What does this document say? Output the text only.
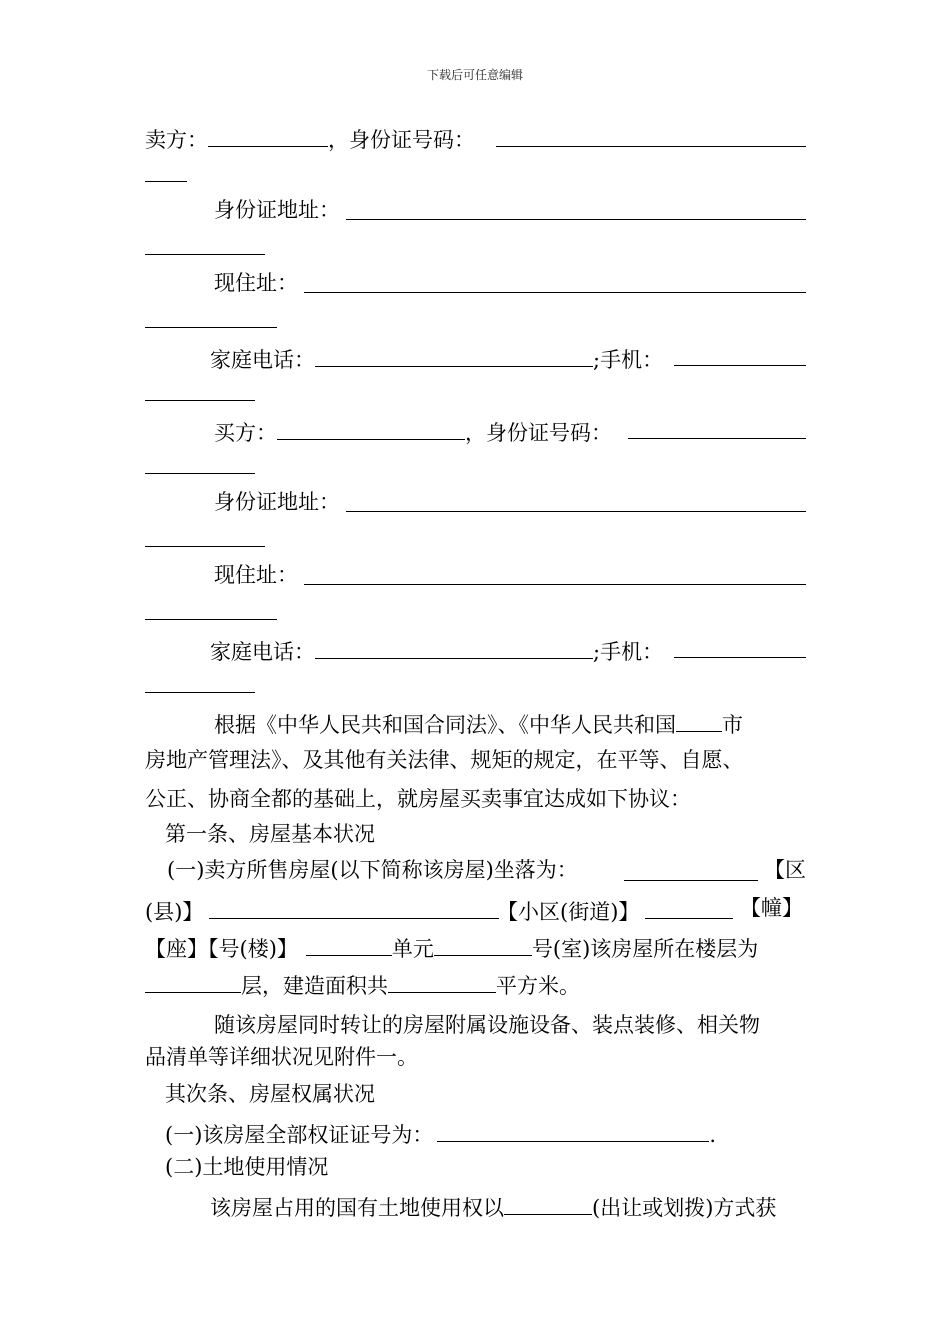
下载后可任意编辑
卖方：	，身份证号码：
身份证地址：
现住址：
家庭电话：	;手机：
买方：	，身份证号码：
身份证地址：
现住址：
家庭电话：	;手机：
根据《中华人民共和国合同法》、《中华人民共和国 市
房地产管理法》、及其他有关法律、规矩的规定，在平等、自愿、
公正、协商全都的基础上，就房屋买卖事宜达成如下协议：
第一条、房屋基本状况
(一)卖方所售房屋(以下简称该房屋)坐落为：	【区
(县)】	【小区(街道)】	【幢】
【座】【号(楼)】	单元	号(室)该房屋所在楼层为
层，建造面积共	平方米。
随该房屋同时转让的房屋附属设施设备、装点装修、相关物
品清单等详细状况见附件一。
其次条、房屋权属状况
(一)该房屋全部权证证号为：	.
(二)土地使用情况
该房屋占用的国有土地使用权以	(出让或划拨)方式获
